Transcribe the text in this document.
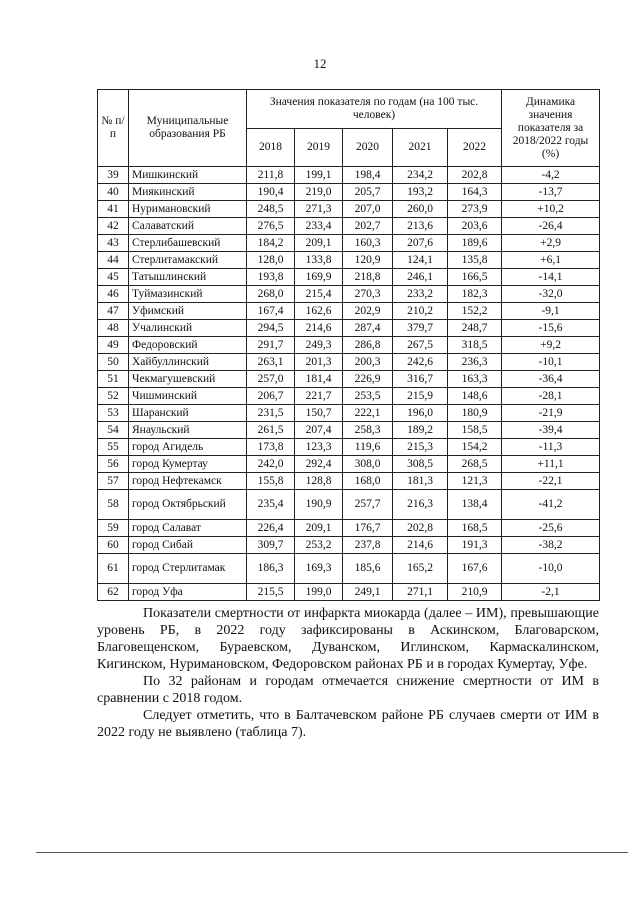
12
№ п/п	Муниципальные образования РБ	Значения показателя по годам (на 100 тыс. человек)					Динамика значения показателя за 2018/2022 годы (%)
		2018	2019	2020	2021	2022	
39	Мишкинский	211,8	199,1	198,4	234,2	202,8	-4,2
40	Миякинский	190,4	219,0	205,7	193,2	164,3	-13,7
41	Нуримановский	248,5	271,3	207,0	260,0	273,9	+10,2
42	Салаватский	276,5	233,4	202,7	213,6	203,6	-26,4
43	Стерлибашевский	184,2	209,1	160,3	207,6	189,6	+2,9
44	Стерлитамакский	128,0	133,8	120,9	124,1	135,8	+6,1
45	Татышлинский	193,8	169,9	218,8	246,1	166,5	-14,1
46	Туймазинский	268,0	215,4	270,3	233,2	182,3	-32,0
47	Уфимский	167,4	162,6	202,9	210,2	152,2	-9,1
48	Учалинский	294,5	214,6	287,4	379,7	248,7	-15,6
49	Федоровский	291,7	249,3	286,8	267,5	318,5	+9,2
50	Хайбуллинский	263,1	201,3	200,3	242,6	236,3	-10,1
51	Чекмагушевский	257,0	181,4	226,9	316,7	163,3	-36,4
52	Чишминский	206,7	221,7	253,5	215,9	148,6	-28,1
53	Шаранский	231,5	150,7	222,1	196,0	180,9	-21,9
54	Янаульский	261,5	207,4	258,3	189,2	158,5	-39,4
55	город Агидель	173,8	123,3	119,6	215,3	154,2	-11,3
56	город Кумертау	242,0	292,4	308,0	308,5	268,5	+11,1
57	город Нефтекамск	155,8	128,8	168,0	181,3	121,3	-22,1
58	город Октябрьский	235,4	190,9	257,7	216,3	138,4	-41,2
59	город Салават	226,4	209,1	176,7	202,8	168,5	-25,6
60	город Сибай	309,7	253,2	237,8	214,6	191,3	-38,2
61	город Стерлитамак	186,3	169,3	185,6	165,2	167,6	-10,0
62	город Уфа	215,5	199,0	249,1	271,1	210,9	-2,1

Показатели смертности от инфаркта миокарда (далее – ИМ), превышающие уровень РБ, в 2022 году зафиксированы в Аскинском, Благоварском, Благовещенском, Бураевском, Дуванском, Иглинском, Кармаскалинском, Кигинском, Нуримановском, Федоровском районах РБ и в городах Кумертау, Уфе.

По 32 районам и городам отмечается снижение смертности от ИМ в сравнении с 2018 годом.

Следует отметить, что в Балтачевском районе РБ случаев смерти от ИМ в 2022 году не выявлено (таблица 7).
